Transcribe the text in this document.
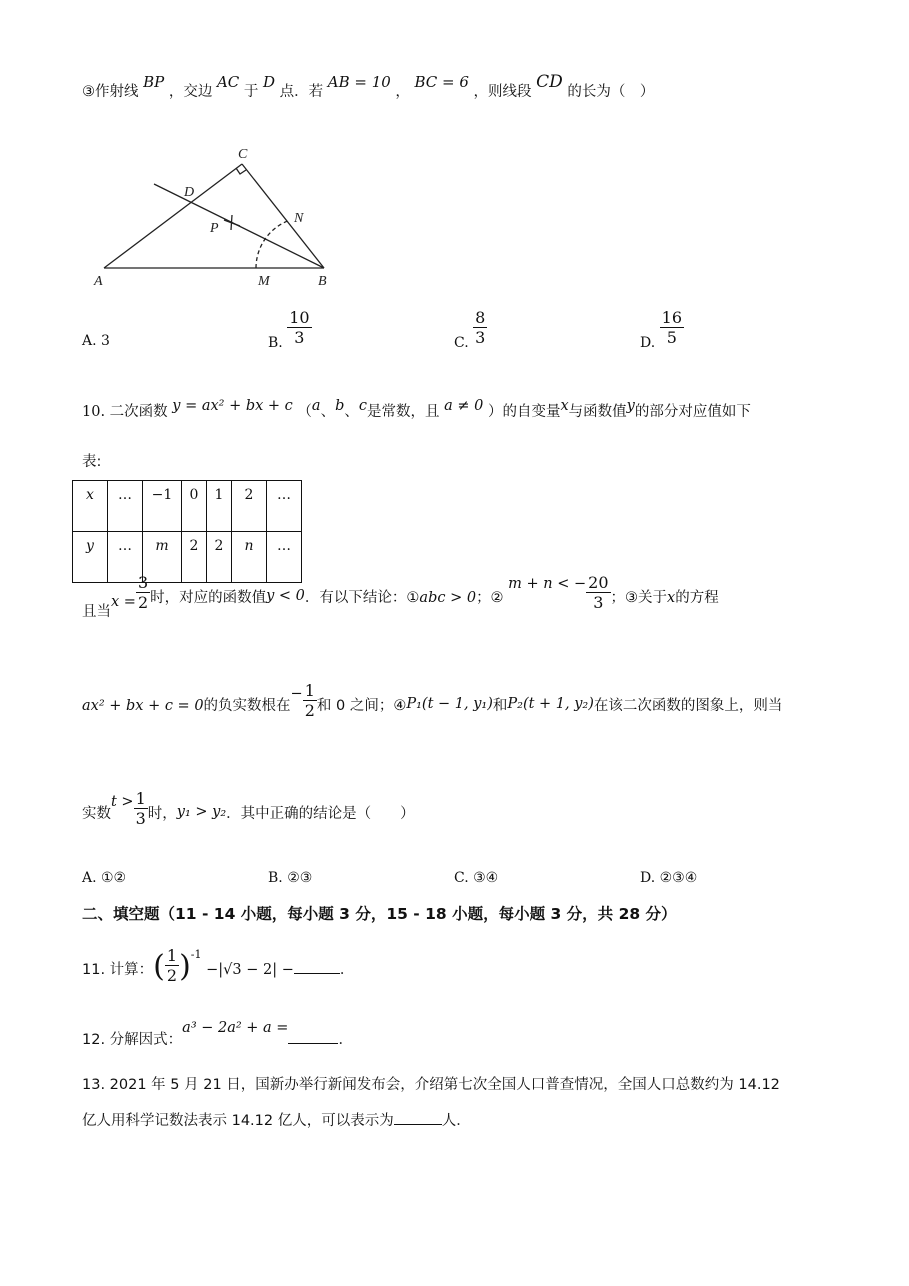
③作射线 BP ，交边 AC 于 D 点．若 AB = 10 ， BC = 6 ，则线段 CD 的长为（　）
C
D
N
P
A	M	B
A. 3	B. $\frac{10}{3}$	C. $\frac{8}{3}$	D. $\frac{16}{5}$
10. 二次函数 y = ax² + bx + c （a、b、c是常数，且 a ≠ 0 ）的自变量x与函数值y的部分对应值如下
表:
x	…	−1	0	1	2	…
y	…	m	2	2	n	…
且当$x = \frac{3}{2}$ 时，对应的函数值y < 0．有以下结论：①abc > 0；② m + n < − $\frac{20}{3}$ ；③关于x的方程
ax² + bx + c = 0的负实数根在− $\frac{1}{2}$ 和 0 之间；④P₁(t − 1, y₁)和P₂(t + 1, y₂)在该二次函数的图象上，则当
实数$t > \frac{1}{3}$ 时，y₁ > y₂．其中正确的结论是（　　）
A. ①②	B. ②③	C. ③④	D. ②③④
二、填空题（11 - 14 小题，每小题 3 分，15 - 18 小题，每小题 3 分，共 28 分）
11. 计算：( $\frac{1}{2} )^{-1} -|√3 - 2|$ −	．
12. 分解因式：a³ − 2a² + a =．
13. 2021 年 5 月 21 日，国新办举行新闻发布会，介绍第七次全国人口普查情况，全国人口总数约为 14.12
亿人用科学记数法表示 14.12 亿人，可以表示为	人．
